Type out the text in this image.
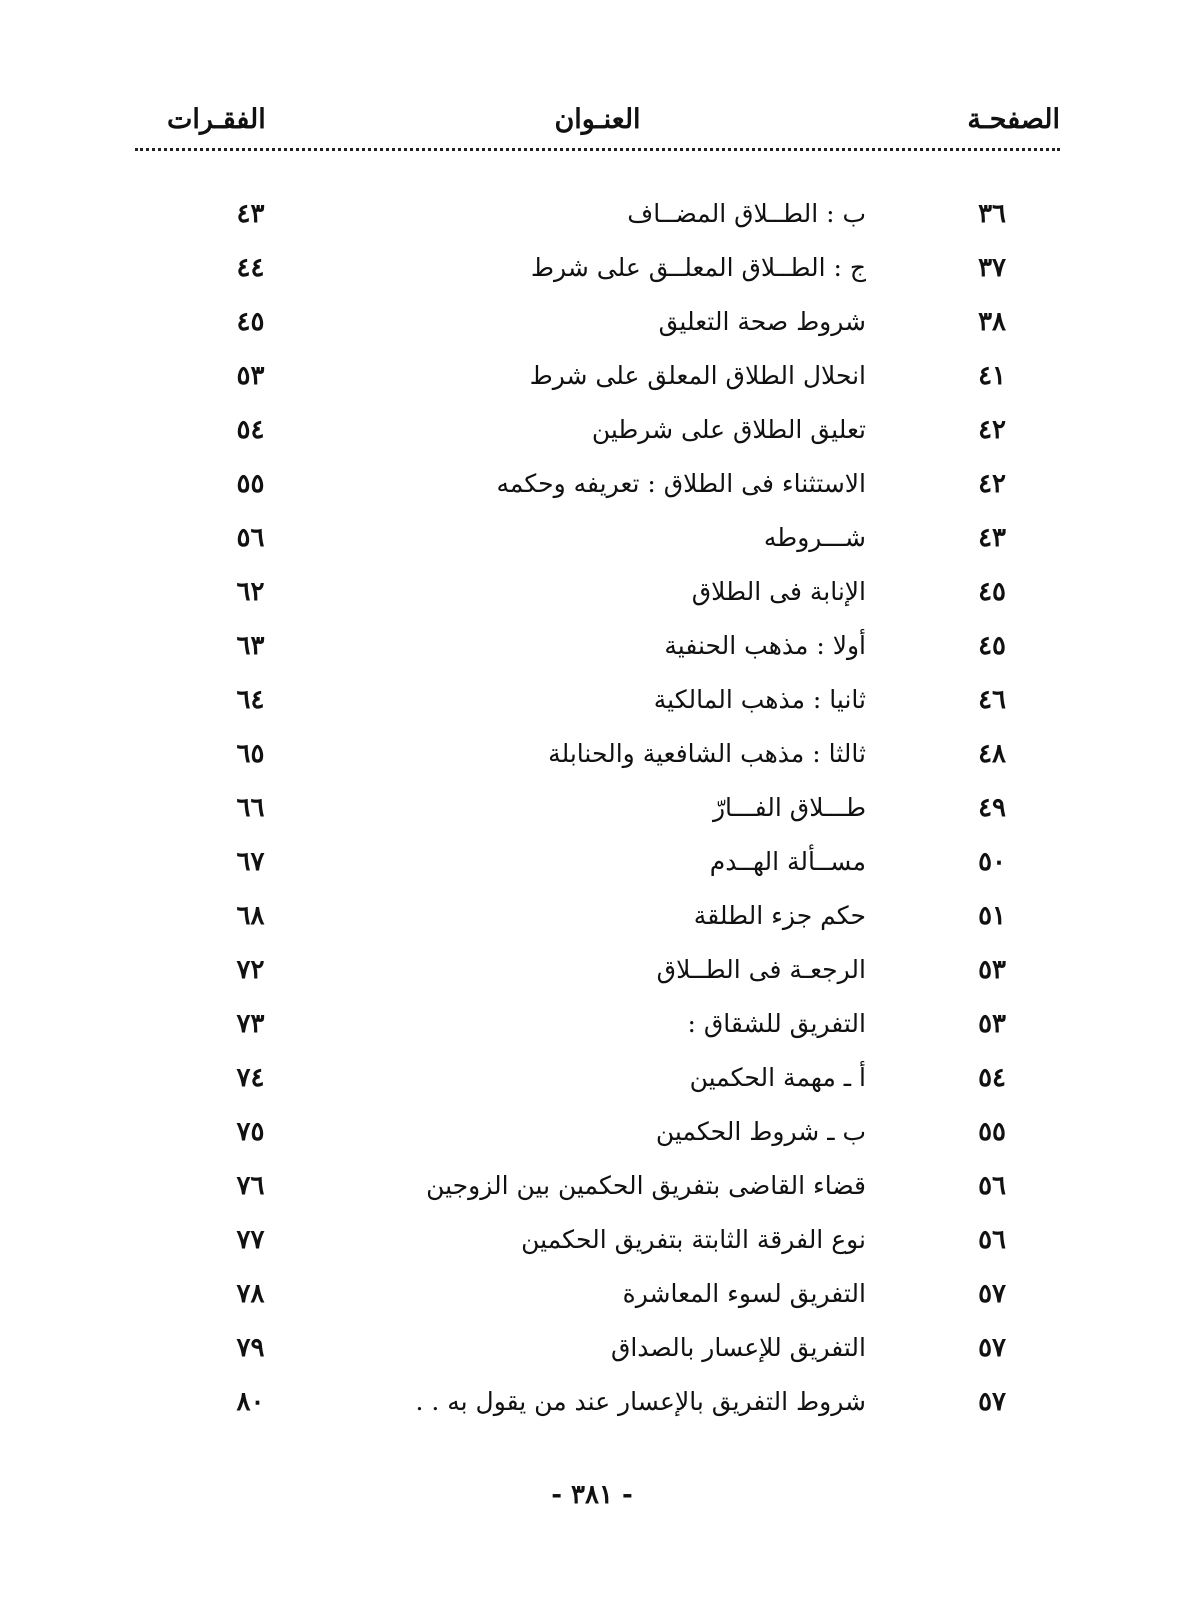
الصفحـة
العنـوان
الفقـرات
٣٦
ب : الطــلاق المضــاف
٤٣
٣٧
ج : الطــلاق المعلــق على شرط
٤٤
٣٨
شروط صحة التعليق
٤٥
٤١
انحلال الطلاق المعلق على شرط
٥٣
٤٢
تعليق الطلاق على شرطين
٥٤
٤٢
الاستثناء فى الطلاق : تعريفه وحكمه
٥٥
٤٣
شـــروطه
٥٦
٤٥
الإنابة فى الطلاق
٦٢
٤٥
أولا : مذهب الحنفية
٦٣
٤٦
ثانيا : مذهب المالكية
٦٤
٤٨
ثالثا : مذهب الشافعية والحنابلة
٦٥
٤٩
طـــلاق الفـــارّ
٦٦
٥٠
مســألة الهــدم
٦٧
٥١
حكم جزء الطلقة
٦٨
٥٣
الرجعـة فى الطــلاق
٧٢
٥٣
التفريق للشقاق :
٧٣
٥٤
أ ـ مهمة الحكمين
٧٤
٥٥
ب ـ شروط الحكمين
٧٥
٥٦
قضاء القاضى بتفريق الحكمين بين الزوجين
٧٦
٥٦
نوع الفرقة الثابتة بتفريق الحكمين
٧٧
٥٧
التفريق لسوء المعاشرة
٧٨
٥٧
التفريق للإعسار بالصداق
٧٩
٥٧
شروط التفريق بالإعسار عند من يقول به . .
٨٠
- ٣٨١ -
